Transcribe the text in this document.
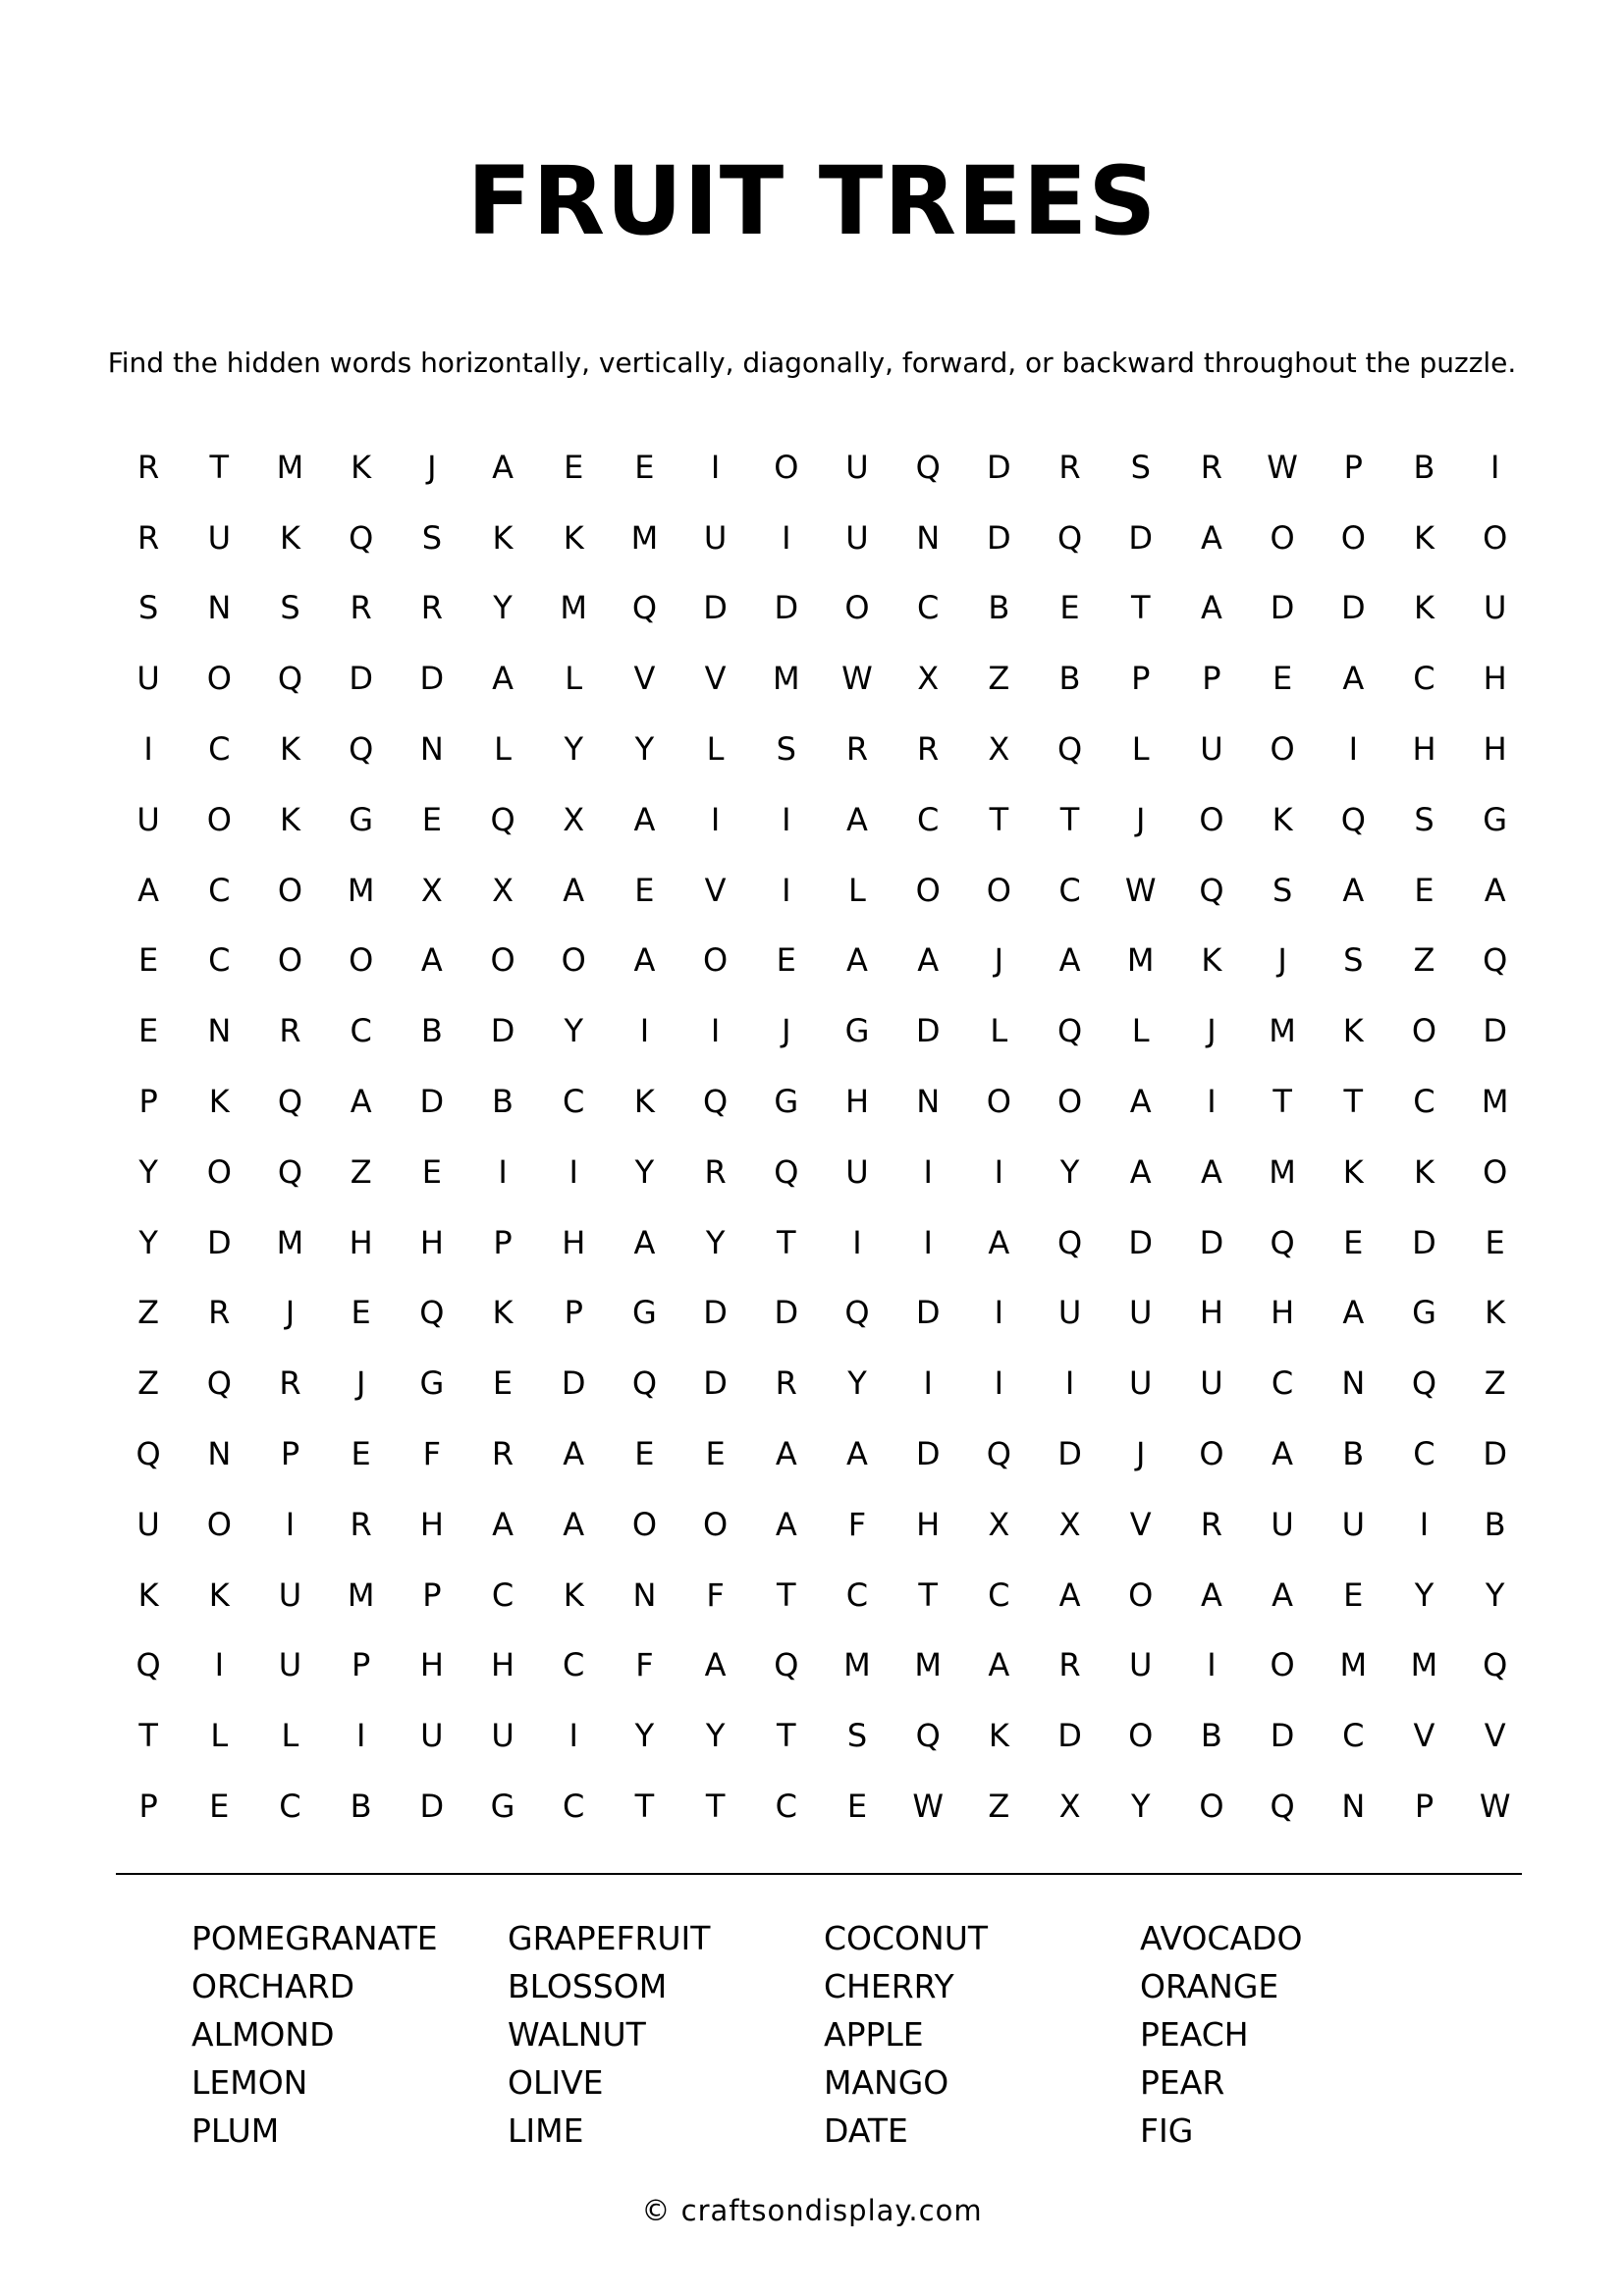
FRUIT TREES

Find the hidden words horizontally, vertically, diagonally, forward, or backward throughout the puzzle.

R	T	M	K	J	A	E	E	I	O	U	Q	D	R	S	R	W	P	B	I
R	U	K	Q	S	K	K	M	U	I	U	N	D	Q	D	A	O	O	K	O
S	N	S	R	R	Y	M	Q	D	D	O	C	B	E	T	A	D	D	K	U
U	O	Q	D	D	A	L	V	V	M	W	X	Z	B	P	P	E	A	C	H
I	C	K	Q	N	L	Y	Y	L	S	R	R	X	Q	L	U	O	I	H	H
U	O	K	G	E	Q	X	A	I	I	A	C	T	T	J	O	K	Q	S	G
A	C	O	M	X	X	A	E	V	I	L	O	O	C	W	Q	S	A	E	A
E	C	O	O	A	O	O	A	O	E	A	A	J	A	M	K	J	S	Z	Q
E	N	R	C	B	D	Y	I	I	J	G	D	L	Q	L	J	M	K	O	D
P	K	Q	A	D	B	C	K	Q	G	H	N	O	O	A	I	T	T	C	M
Y	O	Q	Z	E	I	I	Y	R	Q	U	I	I	Y	A	A	M	K	K	O
Y	D	M	H	H	P	H	A	Y	T	I	I	A	Q	D	D	Q	E	D	E
Z	R	J	E	Q	K	P	G	D	D	Q	D	I	U	U	H	H	A	G	K
Z	Q	R	J	G	E	D	Q	D	R	Y	I	I	I	U	U	C	N	Q	Z
Q	N	P	E	F	R	A	E	E	A	A	D	Q	D	J	O	A	B	C	D
U	O	I	R	H	A	A	O	O	A	F	H	X	X	V	R	U	U	I	B
K	K	U	M	P	C	K	N	F	T	C	T	C	A	O	A	A	E	Y	Y
Q	I	U	P	H	H	C	F	A	Q	M	M	A	R	U	I	O	M	M	Q
T	L	L	I	U	U	I	Y	Y	T	S	Q	K	D	O	B	D	C	V	V
P	E	C	B	D	G	C	T	T	C	E	W	Z	X	Y	O	Q	N	P	W
POMEGRANATE	GRAPEFRUIT	COCONUT	AVOCADO
ORCHARD	BLOSSOM	CHERRY	ORANGE
ALMOND	WALNUT	APPLE	PEACH
LEMON	OLIVE	MANGO	PEAR
PLUM	LIME	DATE	FIG
© craftsondisplay.com
